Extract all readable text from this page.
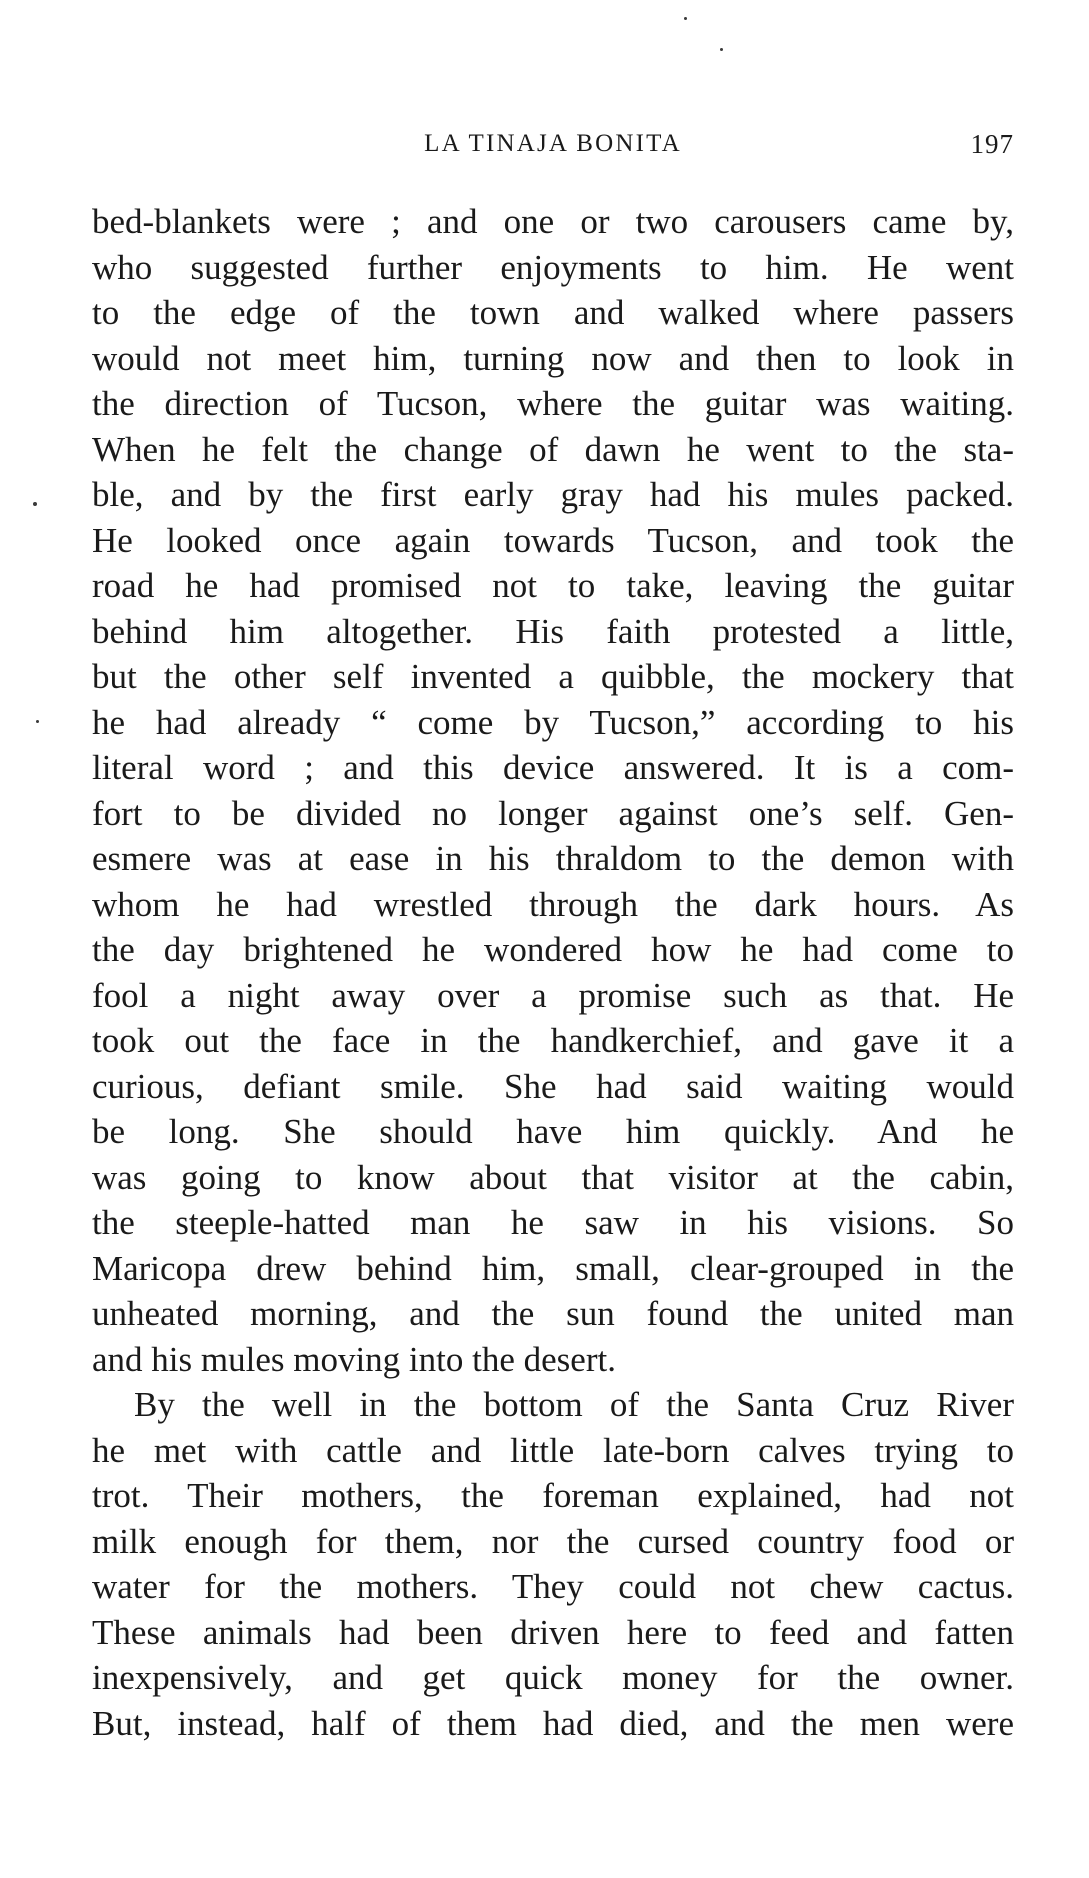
LA TINAJA BONITA	197
bed-blankets were ; and one or two carousers came by,
who suggested further enjoyments to him. He went
to the edge of the town and walked where passers
would not meet him, turning now and then to look in
the direction of Tucson, where the guitar was waiting.
When he felt the change of dawn he went to the sta-
ble, and by the first early gray had his mules packed.
He looked once again towards Tucson, and took the
road he had promised not to take, leaving the guitar
behind him altogether. His faith protested a little,
but the other self invented a quibble, the mockery that
he had already “ come by Tucson,” according to his
literal word ; and this device answered. It is a com-
fort to be divided no longer against one’s self. Gen-
esmere was at ease in his thraldom to the demon with
whom he had wrestled through the dark hours. As
the day brightened he wondered how he had come to
fool a night away over a promise such as that. He
took out the face in the handkerchief, and gave it a
curious, defiant smile. She had said waiting would
be long. She should have him quickly. And he
was going to know about that visitor at the cabin,
the steeple-hatted man he saw in his visions. So
Maricopa drew behind him, small, clear-grouped in the
unheated morning, and the sun found the united man
and his mules moving into the desert.
By the well in the bottom of the Santa Cruz River
he met with cattle and little late-born calves trying to
trot. Their mothers, the foreman explained, had not
milk enough for them, nor the cursed country food or
water for the mothers. They could not chew cactus.
These animals had been driven here to feed and fatten
inexpensively, and get quick money for the owner.
But, instead, half of them had died, and the men were
